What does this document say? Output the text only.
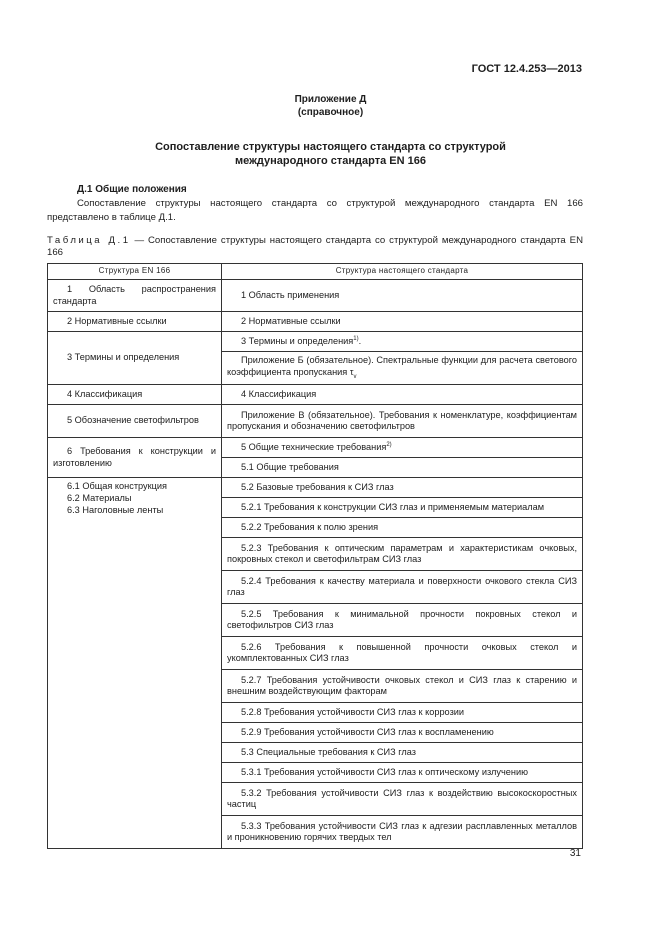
ГОСТ 12.4.253—2013
Приложение Д
(справочное)
Сопоставление структуры настоящего стандарта со структурой
международного стандарта EN 166
Д.1 Общие положения
Сопоставление структуры настоящего стандарта со структурой международного стандарта EN 166 представлено в таблице Д.1.
Таблица Д.1 — Сопоставление структуры настоящего стандарта со структурой международного стандарта EN 166
Структура EN 166	Структура настоящего стандарта
1 Область распространения стандарта	1 Область применения
2 Нормативные ссылки	2 Нормативные ссылки
3 Термины и определения	3 Термины и определения$^{1)}$.
	Приложение Б (обязательное). Спектральные функции для расчета светового коэффициента пропускания $\tau_v$
4 Классификация	4 Классификация
5 Обозначение светофильтров	Приложение В (обязательное). Требования к номенклатуре, коэффициентам пропускания и обозначению светофильтров
6 Требования к конструкции и изготовлению	5 Общие технические требования$^{2)}$
	5.1 Общие требования

6.1 Общая конструкция
6.2 Материалы
6.3 Наголовные ленты	5.2 Базовые требования к СИЗ глаз
	5.2.1 Требования к конструкции СИЗ глаз и применяемым материалам
	5.2.2 Требования к полю зрения
	5.2.3 Требования к оптическим параметрам и характеристикам очковых, покровных стекол и светофильтрам СИЗ глаз
	5.2.4 Требования к качеству материала и поверхности очкового стекла СИЗ глаз
	5.2.5 Требования к минимальной прочности покровных стекол и светофильтров СИЗ глаз
	5.2.6 Требования к повышенной прочности очковых стекол и укомплектованных СИЗ глаз
	5.2.7 Требования устойчивости очковых стекол и СИЗ глаз к старению и внешним воздействующим факторам
	5.2.8 Требования устойчивости СИЗ глаз к коррозии
	5.2.9 Требования устойчивости СИЗ глаз к воспламенению
	5.3 Специальные требования к СИЗ глаз
	5.3.1 Требования устойчивости СИЗ глаз к оптическому излучению
	5.3.2 Требования устойчивости СИЗ глаз к воздействию высокоскоростных частиц
	5.3.3 Требования устойчивости СИЗ глаз к адгезии расплавленных металлов и проникновению горячих твердых тел
31
